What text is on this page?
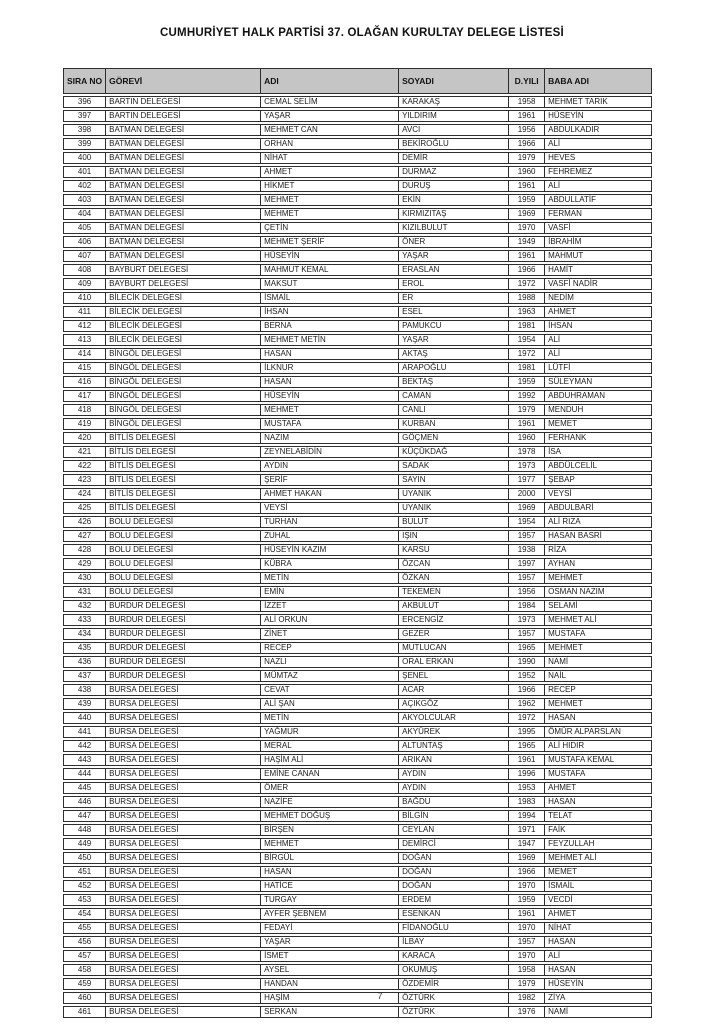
CUMHURİYET HALK PARTİSİ 37. OLAĞAN KURULTAY DELEGE LİSTESİ
SIRA NO	GÖREVİ	ADI	SOYADI	D.YILI	BABA ADI
396	BARTIN DELEGESİ	CEMAL SELİM	KARAKAŞ	1958	MEHMET TARIK
397	BARTIN DELEGESİ	YAŞAR	YILDIRIM	1961	HÜSEYİN
398	BATMAN DELEGESİ	MEHMET CAN	AVCI	1956	ABDULKADIR
399	BATMAN DELEGESİ	ORHAN	BEKİROĞLU	1966	ALİ
400	BATMAN DELEGESİ	NİHAT	DEMİR	1979	HEVES
401	BATMAN DELEGESİ	AHMET	DURMAZ	1960	FEHREMEZ
402	BATMAN DELEGESİ	HİKMET	DURUŞ	1961	ALİ
403	BATMAN DELEGESİ	MEHMET	EKİN	1959	ABDULLATİF
404	BATMAN DELEGESİ	MEHMET	KIRMIZITAŞ	1969	FERMAN
405	BATMAN DELEGESİ	ÇETİN	KIZILBULUT	1970	VASFİ
406	BATMAN DELEGESİ	MEHMET ŞERİF	ÖNER	1949	İBRAHİM
407	BATMAN DELEGESİ	HÜSEYİN	YAŞAR	1961	MAHMUT
408	BAYBURT DELEGESİ	MAHMUT KEMAL	ERASLAN	1966	HAMİT
409	BAYBURT DELEGESİ	MAKSUT	EROL	1972	VASFİ NADİR
410	BİLECİK DELEGESİ	İSMAİL	ER	1988	NEDİM
411	BİLECİK DELEGESİ	İHSAN	ESEL	1963	AHMET
412	BİLECİK DELEGESİ	BERNA	PAMUKCU	1981	İHSAN
413	BİLECİK DELEGESİ	MEHMET METİN	YAŞAR	1954	ALİ
414	BİNGÖL DELEGESİ	HASAN	AKTAŞ	1972	ALİ
415	BİNGÖL DELEGESİ	İLKNUR	ARAPOĞLU	1981	LÜTFİ
416	BİNGÖL DELEGESİ	HASAN	BEKTAŞ	1959	SÜLEYMAN
417	BİNGÖL DELEGESİ	HÜSEYİN	CAMAN	1992	ABDUHRAMAN
418	BİNGÖL DELEGESİ	MEHMET	CANLI	1979	MENDUH
419	BİNGÖL DELEGESİ	MUSTAFA	KURBAN	1961	MEMET
420	BİTLİS DELEGESİ	NAZIM	GÖÇMEN	1960	FERHANK
421	BİTLİS DELEGESİ	ZEYNELABİDİN	KÜÇÜKDAĞ	1978	İSA
422	BİTLİS DELEGESİ	AYDIN	SADAK	1973	ABDÜLCELİL
423	BİTLİS DELEGESİ	ŞERİF	SAYIN	1977	ŞEBAP
424	BİTLİS DELEGESİ	AHMET HAKAN	UYANIK	2000	VEYSİ
425	BİTLİS DELEGESİ	VEYSİ	UYANIK	1969	ABDULBARİ
426	BOLU DELEGESİ	TURHAN	BULUT	1954	ALİ RIZA
427	BOLU DELEGESİ	ZUHAL	IŞIN	1957	HASAN BASRİ
428	BOLU DELEGESİ	HÜSEYİN KAZIM	KARSU	1938	RİZA
429	BOLU DELEGESİ	KÜBRA	ÖZCAN	1997	AYHAN
430	BOLU DELEGESİ	METİN	ÖZKAN	1957	MEHMET
431	BOLU DELEGESİ	EMİN	TEKEMEN	1956	OSMAN NAZIM
432	BURDUR DELEGESİ	İZZET	AKBULUT	1984	SELAMİ
433	BURDUR DELEGESİ	ALİ ORKUN	ERCENGİZ	1973	MEHMET ALİ
434	BURDUR DELEGESİ	ZİNET	GEZER	1957	MUSTAFA
435	BURDUR DELEGESİ	RECEP	MUTLUCAN	1965	MEHMET
436	BURDUR DELEGESİ	NAZLI	ORAL ERKAN	1990	NAMİ
437	BURDUR DELEGESİ	MÜMTAZ	ŞENEL	1952	NAİL
438	BURSA DELEGESİ	CEVAT	ACAR	1966	RECEP
439	BURSA DELEGESİ	ALİ ŞAN	AÇIKGÖZ	1962	MEHMET
440	BURSA DELEGESİ	METİN	AKYOLCULAR	1972	HASAN
441	BURSA DELEGESİ	YAĞMUR	AKYÜREK	1995	ÖMÜR ALPARSLAN
442	BURSA DELEGESİ	MERAL	ALTUNTAŞ	1965	ALİ HIDIR
443	BURSA DELEGESİ	HAŞİM ALİ	ARIKAN	1961	MUSTAFA KEMAL
444	BURSA DELEGESİ	EMİNE CANAN	AYDIN	1996	MUSTAFA
445	BURSA DELEGESİ	ÖMER	AYDIN	1953	AHMET
446	BURSA DELEGESİ	NAZİFE	BAĞDU	1983	HASAN
447	BURSA DELEGESİ	MEHMET DOĞUŞ	BİLGİN	1994	TELAT
448	BURSA DELEGESİ	BİRŞEN	CEYLAN	1971	FAİK
449	BURSA DELEGESİ	MEHMET	DEMİRCİ	1947	FEYZULLAH
450	BURSA DELEGESİ	BİRGÜL	DOĞAN	1969	MEHMET ALİ
451	BURSA DELEGESİ	HASAN	DOĞAN	1966	MEMET
452	BURSA DELEGESİ	HATİCE	DOĞAN	1970	İSMAİL
453	BURSA DELEGESİ	TURGAY	ERDEM	1959	VECDİ
454	BURSA DELEGESİ	AYFER ŞEBNEM	ESENKAN	1961	AHMET
455	BURSA DELEGESİ	FEDAYİ	FİDANOĞLU	1970	NİHAT
456	BURSA DELEGESİ	YAŞAR	İLBAY	1957	HASAN
457	BURSA DELEGESİ	İSMET	KARACA	1970	ALİ
458	BURSA DELEGESİ	AYSEL	OKUMUŞ	1958	HASAN
459	BURSA DELEGESİ	HANDAN	ÖZDEMİR	1979	HÜSEYİN
460	BURSA DELEGESİ	HAŞİM	ÖZTÜRK	1982	ZİYA
461	BURSA DELEGESİ	SERKAN	ÖZTÜRK	1976	NAMİ
7
